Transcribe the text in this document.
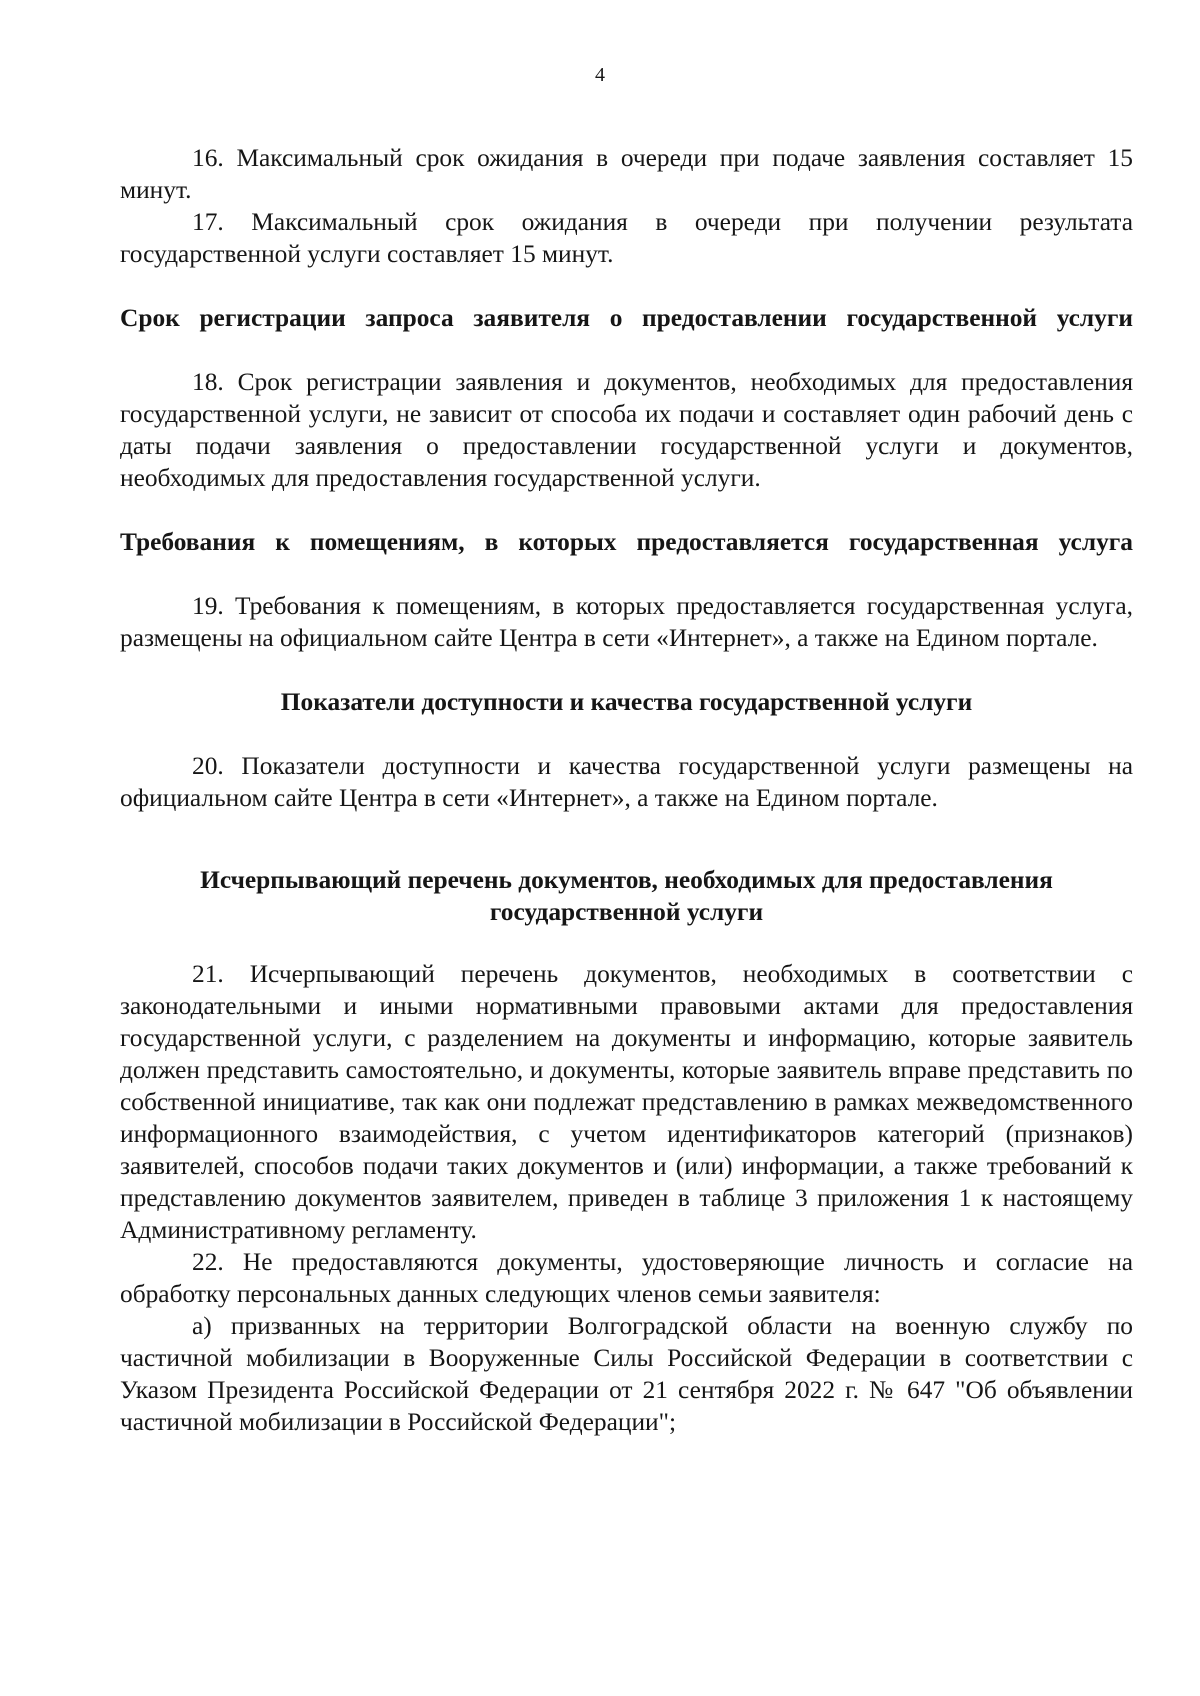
4

16. Максимальный срок ожидания в очереди при подаче заявления составляет 15 минут.

17. Максимальный срок ожидания в очереди при получении результата государственной услуги составляет 15 минут.

Срок регистрации запроса заявителя о предоставлении государственной услуги

18. Срок регистрации заявления и документов, необходимых для предоставления государственной услуги, не зависит от способа их подачи и составляет один рабочий день с даты подачи заявления о предоставлении государственной услуги и документов, необходимых для предоставления государственной услуги.

Требования к помещениям, в которых предоставляется государственная услуга

19. Требования к помещениям, в которых предоставляется государственная услуга, размещены на официальном сайте Центра в сети «Интернет», а также на Едином портале.

Показатели доступности и качества государственной услуги

20. Показатели доступности и качества государственной услуги размещены на официальном сайте Центра в сети «Интернет», а также на Едином портале.

Исчерпывающий перечень документов, необходимых для предоставления государственной услуги

21. Исчерпывающий перечень документов, необходимых в соответствии с законодательными и иными нормативными правовыми актами для предоставления государственной услуги, с разделением на документы и информацию, которые заявитель должен представить самостоятельно, и документы, которые заявитель вправе представить по собственной инициативе, так как они подлежат представлению в рамках межведомственного информационного взаимодействия, с учетом идентификаторов категорий (признаков) заявителей, способов подачи таких документов и (или) информации, а также требований к представлению документов заявителем, приведен в таблице 3 приложения 1 к настоящему Административному регламенту.

22. Не предоставляются документы, удостоверяющие личность и согласие на обработку персональных данных следующих членов семьи заявителя:

а) призванных на территории Волгоградской области на военную службу по частичной мобилизации в Вооруженные Силы Российской Федерации в соответствии с Указом Президента Российской Федерации от 21 сентября 2022 г. № 647 "Об объявлении частичной мобилизации в Российской Федерации";
